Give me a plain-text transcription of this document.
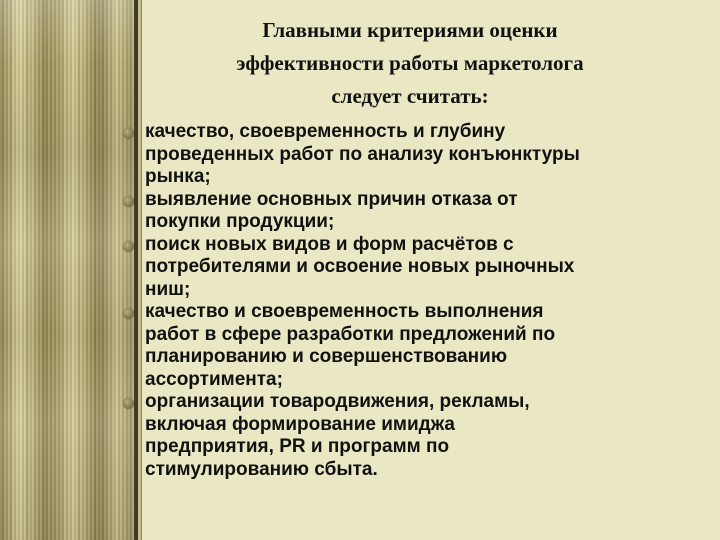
Главными критериями оценки
эффективности работы маркетолога
следует считать:
качество, своевременность и глубину
проведенных работ по анализу конъюнктуры
рынка;
выявление основных причин отказа от
покупки продукции;
поиск новых видов и форм расчётов с
потребителями и освоение новых рыночных
ниш;
качество и своевременность выполнения
работ в сфере разработки предложений по
планированию и совершенствованию
ассортимента;
организации товародвижения, рекламы,
включая формирование имиджа
предприятия, PR и программ по
стимулированию сбыта.
